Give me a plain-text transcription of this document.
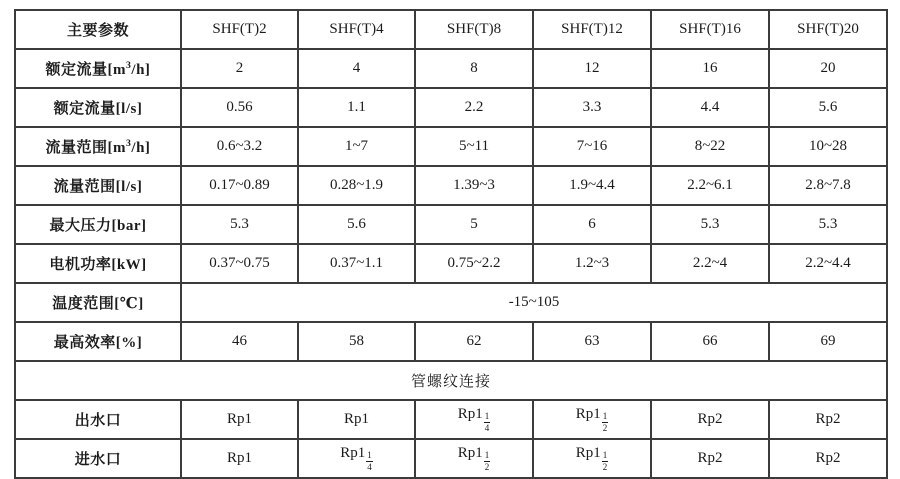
主要参数	SHF(T)2	SHF(T)4	SHF(T)8	SHF(T)12	SHF(T)16	SHF(T)20
额定流量$[m^3/h]$	2	4	8	12	16	20
额定流量[l/s]	0.56	1.1	2.2	3.3	4.4	5.6
流量范围$[m^3/h]$	0.6~3.2	1~7	5~11	7~16	8~22	10~28
流量范围[l/s]	0.17~0.89	0.28~1.9	1.39~3	1.9~4.4	2.2~6.1	2.8~7.8
最大压力[bar]	5.3	5.6	5	6	5.3	5.3
电机功率[kW]	0.37~0.75	0.37~1.1	0.75~2.2	1.2~3	2.2~4	2.2~4.4
温度范围[℃]	-15~105					
最高效率[%]	46	58	62	63	66	69
管螺纹连接						
出水口	Rp1	Rp1	$Rp1 \frac{1}{4}$	$Rp1 \frac{1}{2}$	Rp2	Rp2
进水口	Rp1	$Rp1 \frac{1}{4}$	$Rp1 \frac{1}{2}$	$Rp1 \frac{1}{2}$	Rp2	Rp2
